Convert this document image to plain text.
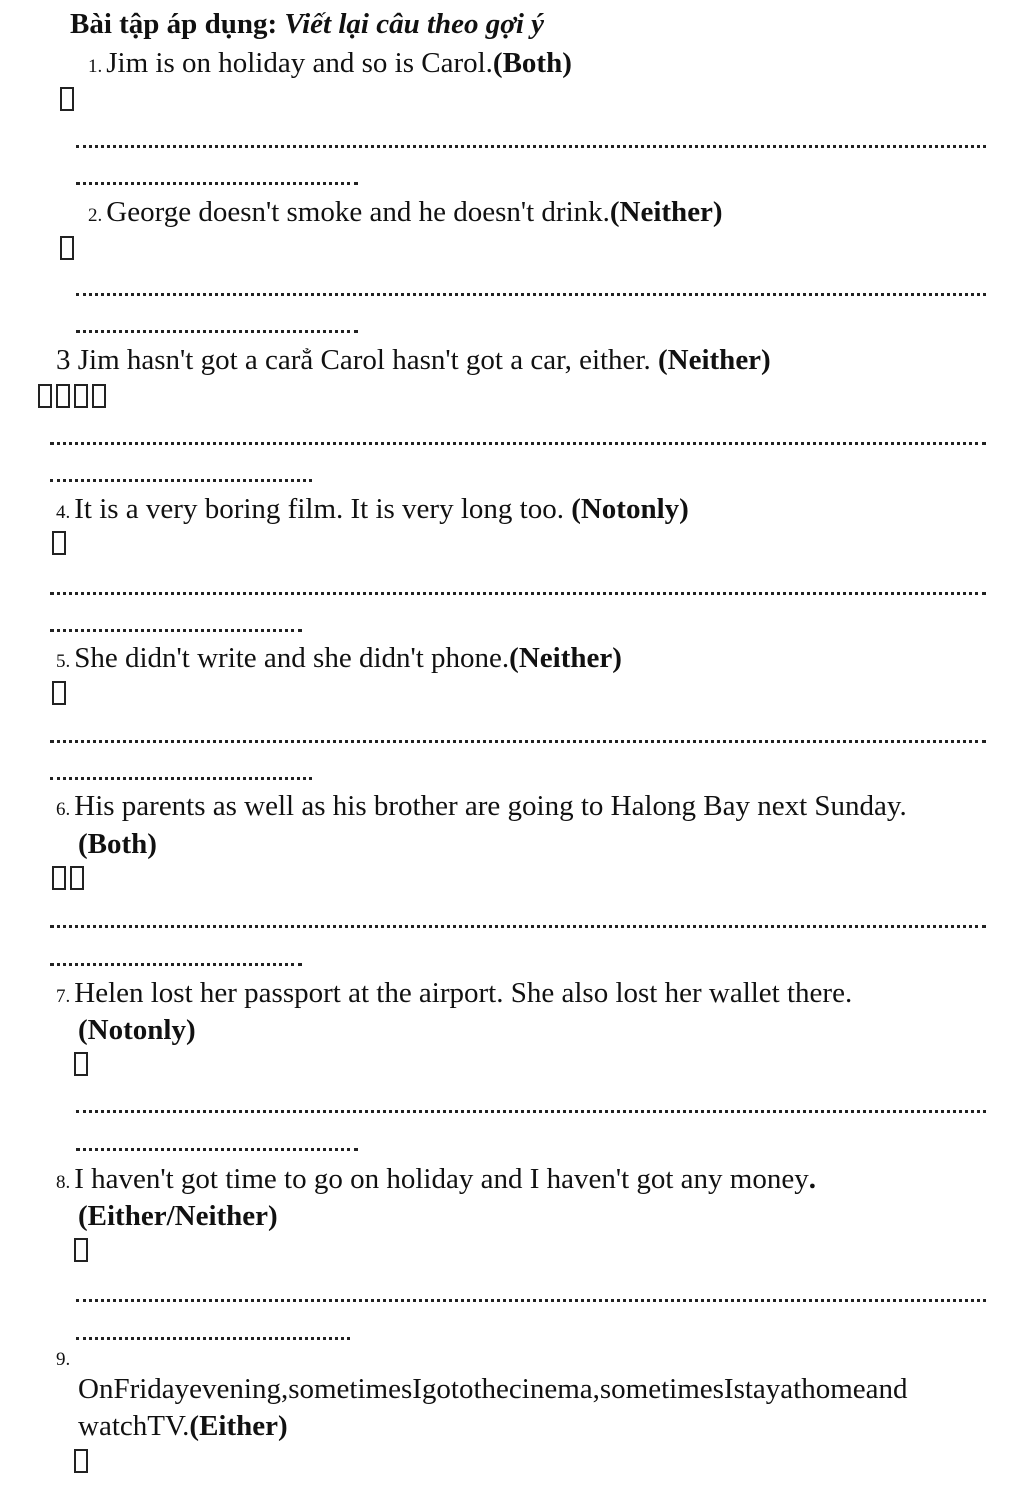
Bài tập áp dụng: Viết lại câu theo gợi ý
1. Jim is on holiday and so is Carol.(Both)
2. George doesn't smoke and he doesn't drink.(Neither)
3 Jim hasn't got a carẳ Carol hasn't got a car, either. (Neither)
4. It is a very boring film. It is very long too. (Notonly)
5. She didn't write and she didn't phone.(Neither)
6. His parents as well as his brother are going to Halong Bay next Sunday.
(Both)
7. Helen lost her passport at the airport. She also lost her wallet there.
(Notonly)
8. I haven't got time to go on holiday and I haven't got any money.
(Either/Neither)
9.
OnFridayevening,sometimesIgotothecinema,sometimesIstayathomeand
watchTV.(Either)
